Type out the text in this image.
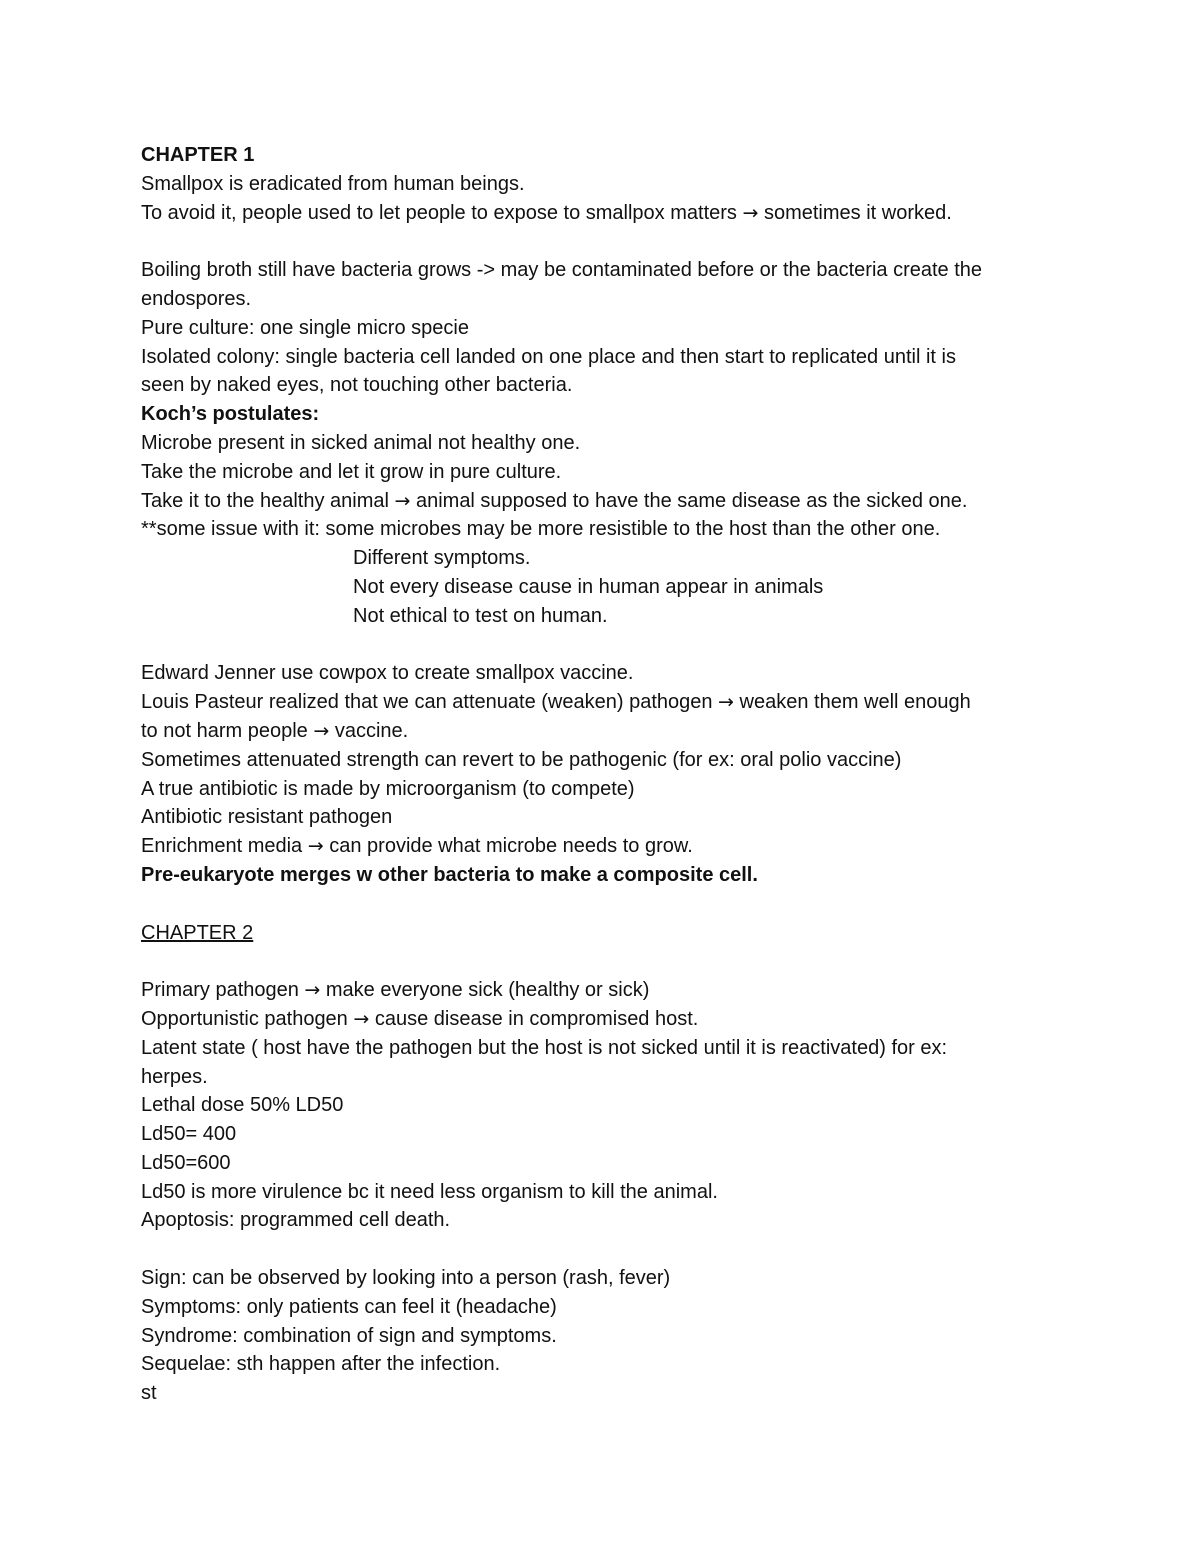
CHAPTER 1
Smallpox is eradicated from human beings.
To avoid it, people used to let people to expose to smallpox matters → sometimes it worked.
Boiling broth still have bacteria grows -> may be contaminated before or the bacteria create the
endospores.
Pure culture: one single micro specie
Isolated colony: single bacteria cell landed on one place and then start to replicated until it is
seen by naked eyes, not touching other bacteria.
Koch’s postulates:
Microbe present in sicked animal not healthy one.
Take the microbe and let it grow in pure culture.
Take it to the healthy animal → animal supposed to have the same disease as the sicked one.
**some issue with it: some microbes may be more resistible to the host than the other one.
Different symptoms.
Not every disease cause in human appear in animals
Not ethical to test on human.
Edward Jenner use cowpox to create smallpox vaccine.
Louis Pasteur realized that we can attenuate (weaken) pathogen → weaken them well enough
to not harm people → vaccine.
Sometimes attenuated strength can revert to be pathogenic (for ex: oral polio vaccine)
A true antibiotic is made by microorganism (to compete)
Antibiotic resistant pathogen
Enrichment media → can provide what microbe needs to grow.
Pre-eukaryote merges w other bacteria to make a composite cell.
CHAPTER 2
Primary pathogen → make everyone sick (healthy or sick)
Opportunistic pathogen → cause disease in compromised host.
Latent state ( host have the pathogen but the host is not sicked until it is reactivated) for ex:
herpes.
Lethal dose 50% LD50
Ld50= 400
Ld50=600
Ld50 is more virulence bc it need less organism to kill the animal.
Apoptosis: programmed cell death.
Sign: can be observed by looking into a person (rash, fever)
Symptoms: only patients can feel it (headache)
Syndrome: combination of sign and symptoms.
Sequelae: sth happen after the infection.
st
